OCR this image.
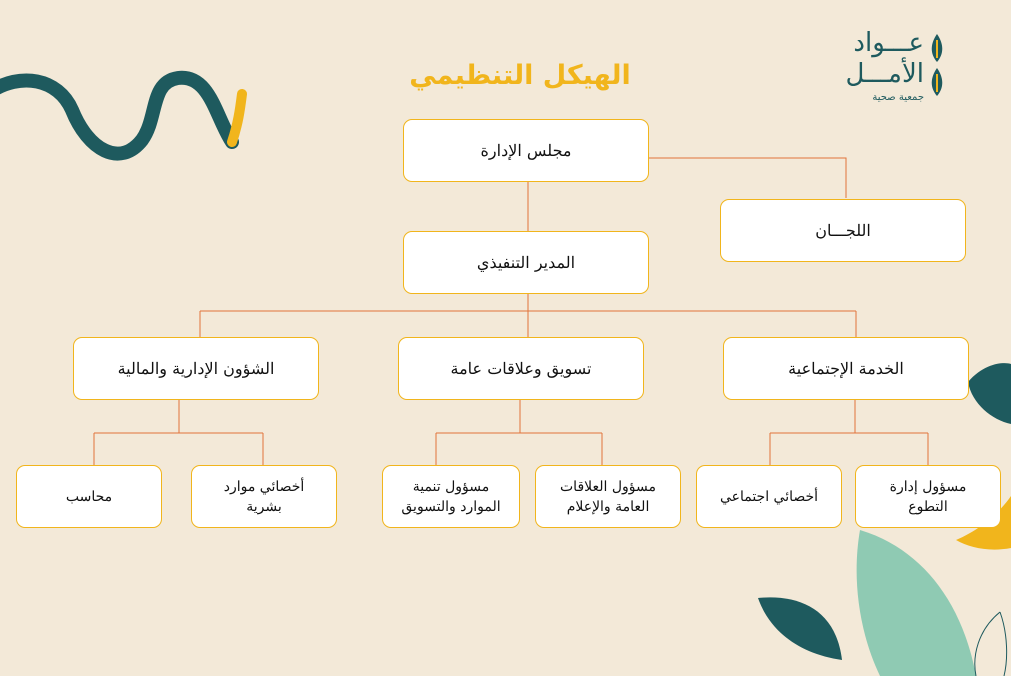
الهيكل التنظيمي
عـــواد
الأمـــل
جمعية صحية
مجلس الإدارة
اللجـــان
المدير التنفيذي
الشؤون الإدارية والمالية	تسويق وعلاقات عامة	الخدمة الإجتماعية
محاسب
أخصائي موارد
بشرية
مسؤول تنمية
الموارد والتسويق
مسؤول العلاقات
العامة والإعلام
أخصائي اجتماعي
مسؤول إدارة
التطوع
